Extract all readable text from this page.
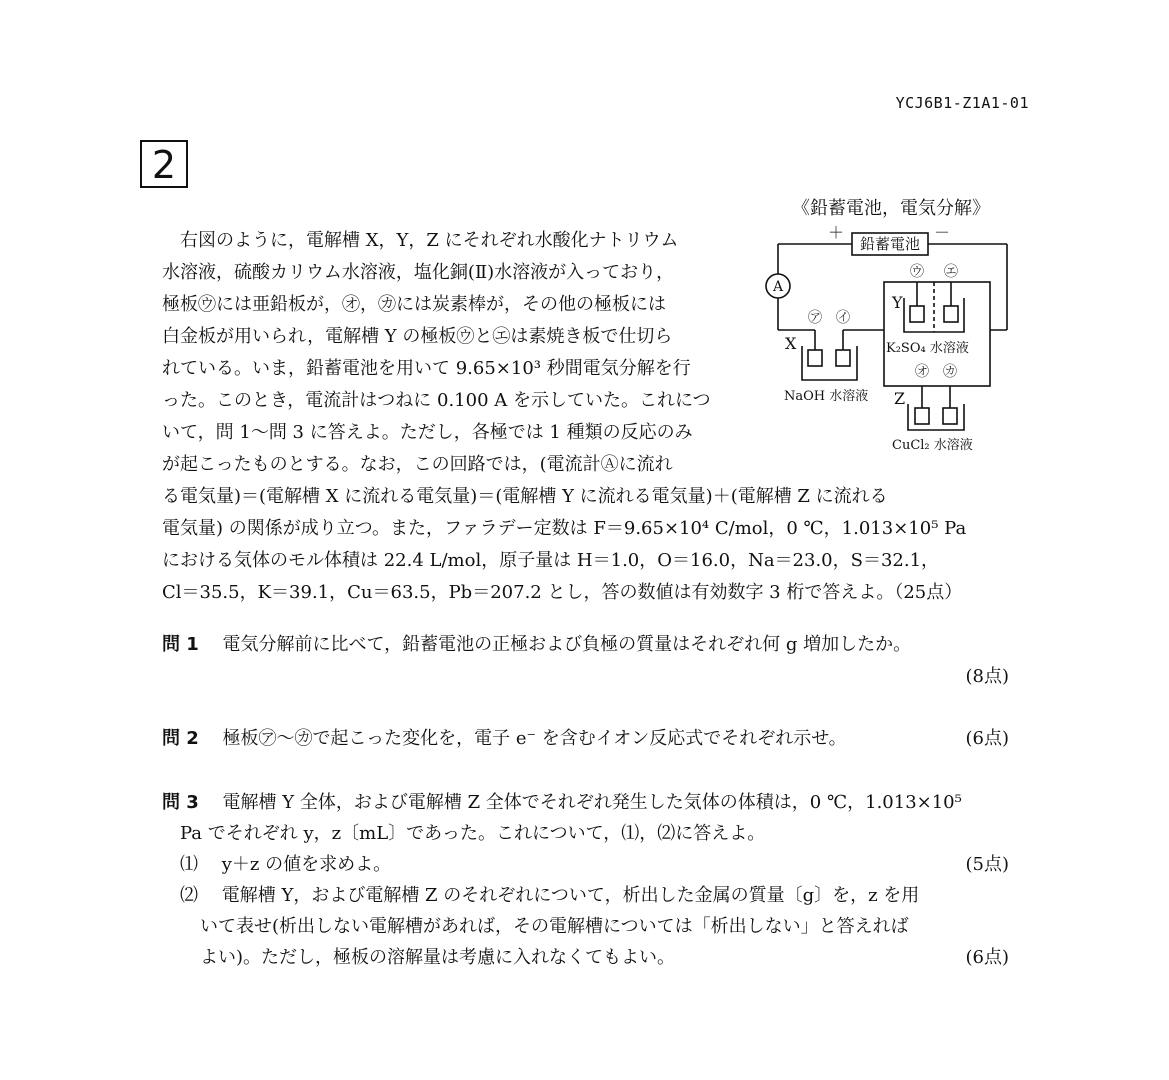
YCJ6B1-Z1A1-01
2
《鉛蓄電池，電気分解》
　右図のように，電解槽 X，Y，Z にそれぞれ水酸化ナトリウム
水溶液，硫酸カリウム水溶液，塩化銅(Ⅱ)水溶液が入っており，
極板㋒には亜鉛板が，㋔，㋕には炭素棒が，その他の極板には
白金板が用いられ，電解槽 Y の極板㋒と㋓は素焼き板で仕切ら
れている。いま，鉛蓄電池を用いて 9.65×10³ 秒間電気分解を行
った。このとき，電流計はつねに 0.100 A を示していた。これにつ
いて，問 1～問 3 に答えよ。ただし，各極では 1 種類の反応のみ
が起こったものとする。なお，この回路では，(電流計Ⓐに流れ
る電気量)＝(電解槽 X に流れる電気量)＝(電解槽 Y に流れる電気量)＋(電解槽 Z に流れる
電気量) の関係が成り立つ。また，ファラデー定数は F＝9.65×10⁴ C/mol，0 ℃，1.013×10⁵ Pa
における気体のモル体積は 22.4 L/mol，原子量は H＝1.0，O＝16.0，Na＝23.0，S＝32.1，
Cl＝35.5，K＝39.1，Cu＝63.5，Pb＝207.2 とし，答の数値は有効数字 3 桁で答えよ。（25点）
鉛蓄電池
＋	－
A
X
Y
Z
NaOH 水溶液
K₂SO₄ 水溶液
CuCl₂ 水溶液
㋐ ㋑
㋒ ㋓
㋔ ㋕
問 1　 電気分解前に比べて，鉛蓄電池の正極および負極の質量はそれぞれ何 g 増加したか。
(8点)
問 2　 極板㋐～㋕で起こった変化を，電子 e⁻ を含むイオン反応式でそれぞれ示せ。	(6点)
問 3　 電解槽 Y 全体，および電解槽 Z 全体でそれぞれ発生した気体の体積は，0 ℃，1.013×10⁵
Pa でそれぞれ y，z〔mL〕であった。これについて，⑴，⑵に答えよ。
⑴　 y＋z の値を求めよ。	(5点)
⑵　 電解槽 Y，および電解槽 Z のそれぞれについて，析出した金属の質量〔g〕を，z を用
いて表せ(析出しない電解槽があれば，その電解槽については「析出しない」と答えれば
よい)。ただし，極板の溶解量は考慮に入れなくてもよい。	(6点)
